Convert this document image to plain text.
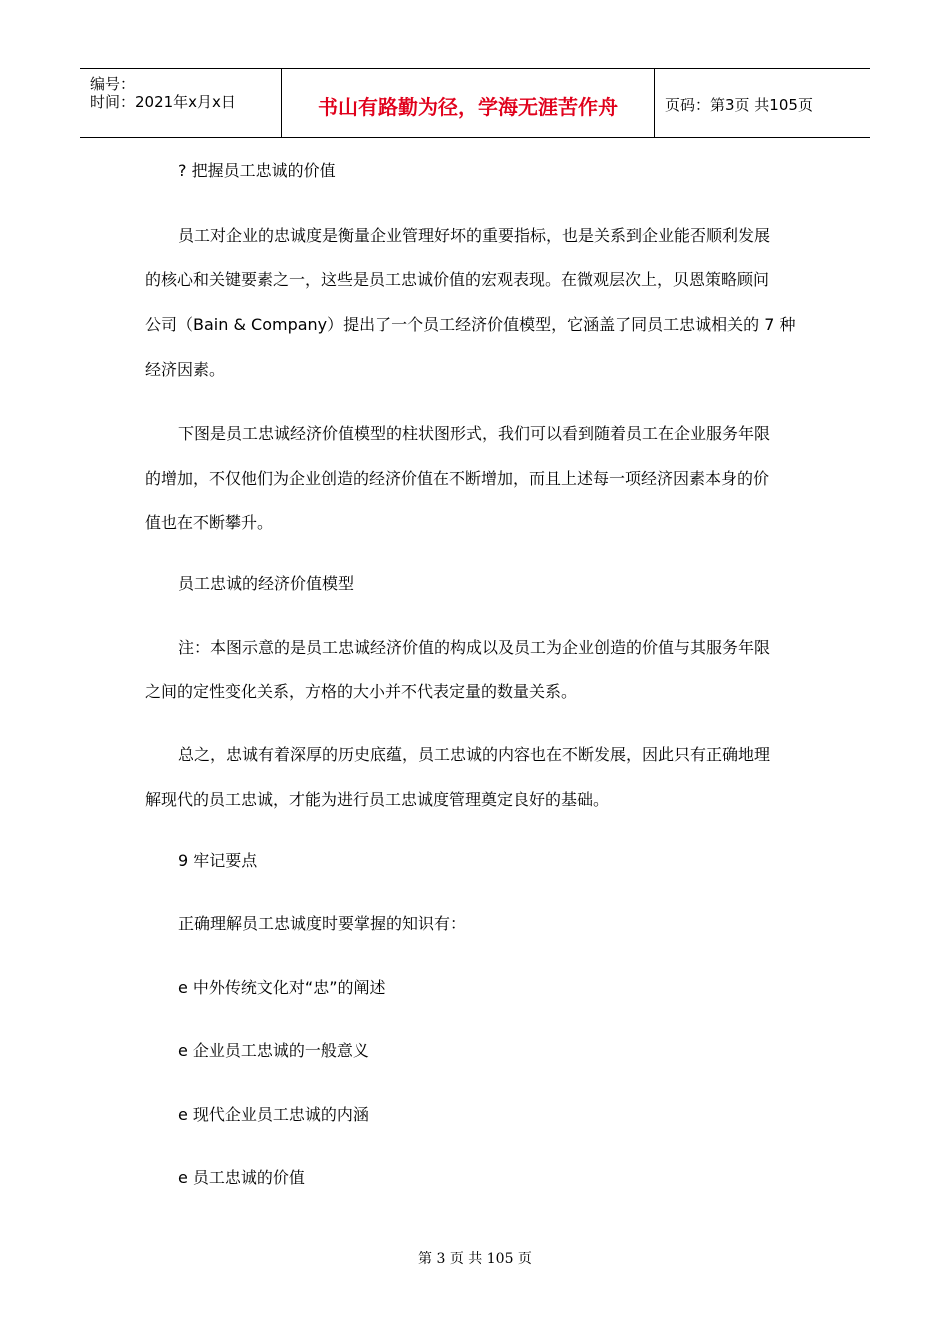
编号：
时间：2021年x月x日	书山有路勤为径，学海无涯苦作舟	页码：第3页 共105页
? 把握员工忠诚的价值
员工对企业的忠诚度是衡量企业管理好坏的重要指标，也是关系到企业能否顺利发展
的核心和关键要素之一，这些是员工忠诚价值的宏观表现。在微观层次上，贝恩策略顾问
公司（Bain & Company）提出了一个员工经济价值模型，它涵盖了同员工忠诚相关的 7 种
经济因素。
下图是员工忠诚经济价值模型的柱状图形式，我们可以看到随着员工在企业服务年限
的增加，不仅他们为企业创造的经济价值在不断增加，而且上述每一项经济因素本身的价
值也在不断攀升。
员工忠诚的经济价值模型
注：本图示意的是员工忠诚经济价值的构成以及员工为企业创造的价值与其服务年限
之间的定性变化关系，方格的大小并不代表定量的数量关系。
总之，忠诚有着深厚的历史底蕴，员工忠诚的内容也在不断发展，因此只有正确地理
解现代的员工忠诚，才能为进行员工忠诚度管理奠定良好的基础。
9 牢记要点
正确理解员工忠诚度时要掌握的知识有：
e 中外传统文化对“忠”的阐述
e 企业员工忠诚的一般意义
e 现代企业员工忠诚的内涵
e 员工忠诚的价值
第 3 页 共 105 页
